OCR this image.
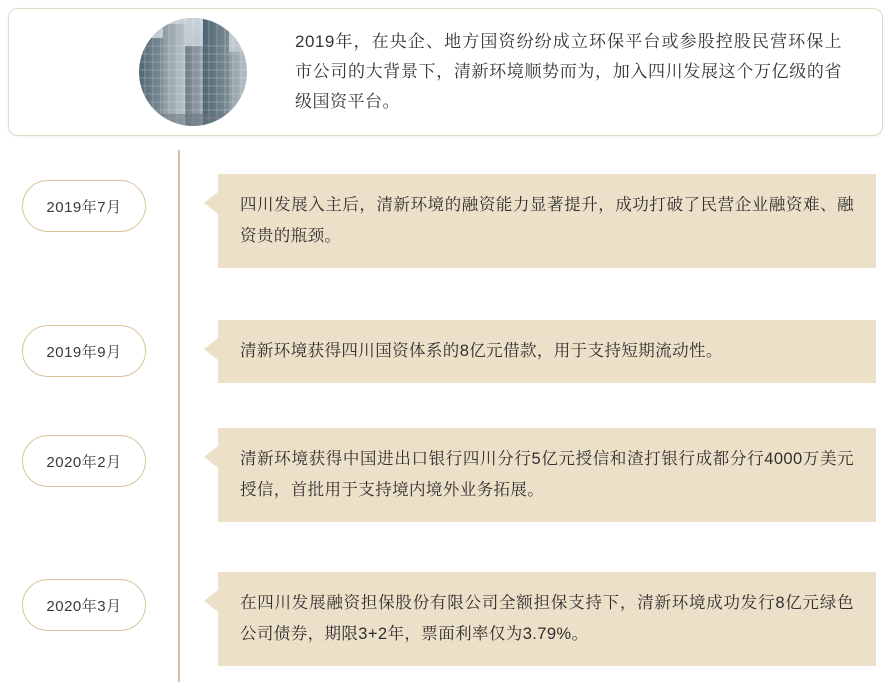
2019年，在央企、地方国资纷纷成立环保平台或参股控股民营环保上市公司的大背景下，清新环境顺势而为，加入四川发展这个万亿级的省级国资平台。
2019年7月	四川发展入主后，清新环境的融资能力显著提升，成功打破了民营企业融资难、融资贵的瓶颈。
2019年9月	清新环境获得四川国资体系的8亿元借款，用于支持短期流动性。
2020年2月	清新环境获得中国进出口银行四川分行5亿元授信和渣打银行成都分行4000万美元授信，首批用于支持境内境外业务拓展。
2020年3月	在四川发展融资担保股份有限公司全额担保支持下，清新环境成功发行8亿元绿色公司债券，期限3+2年，票面利率仅为3.79%。
